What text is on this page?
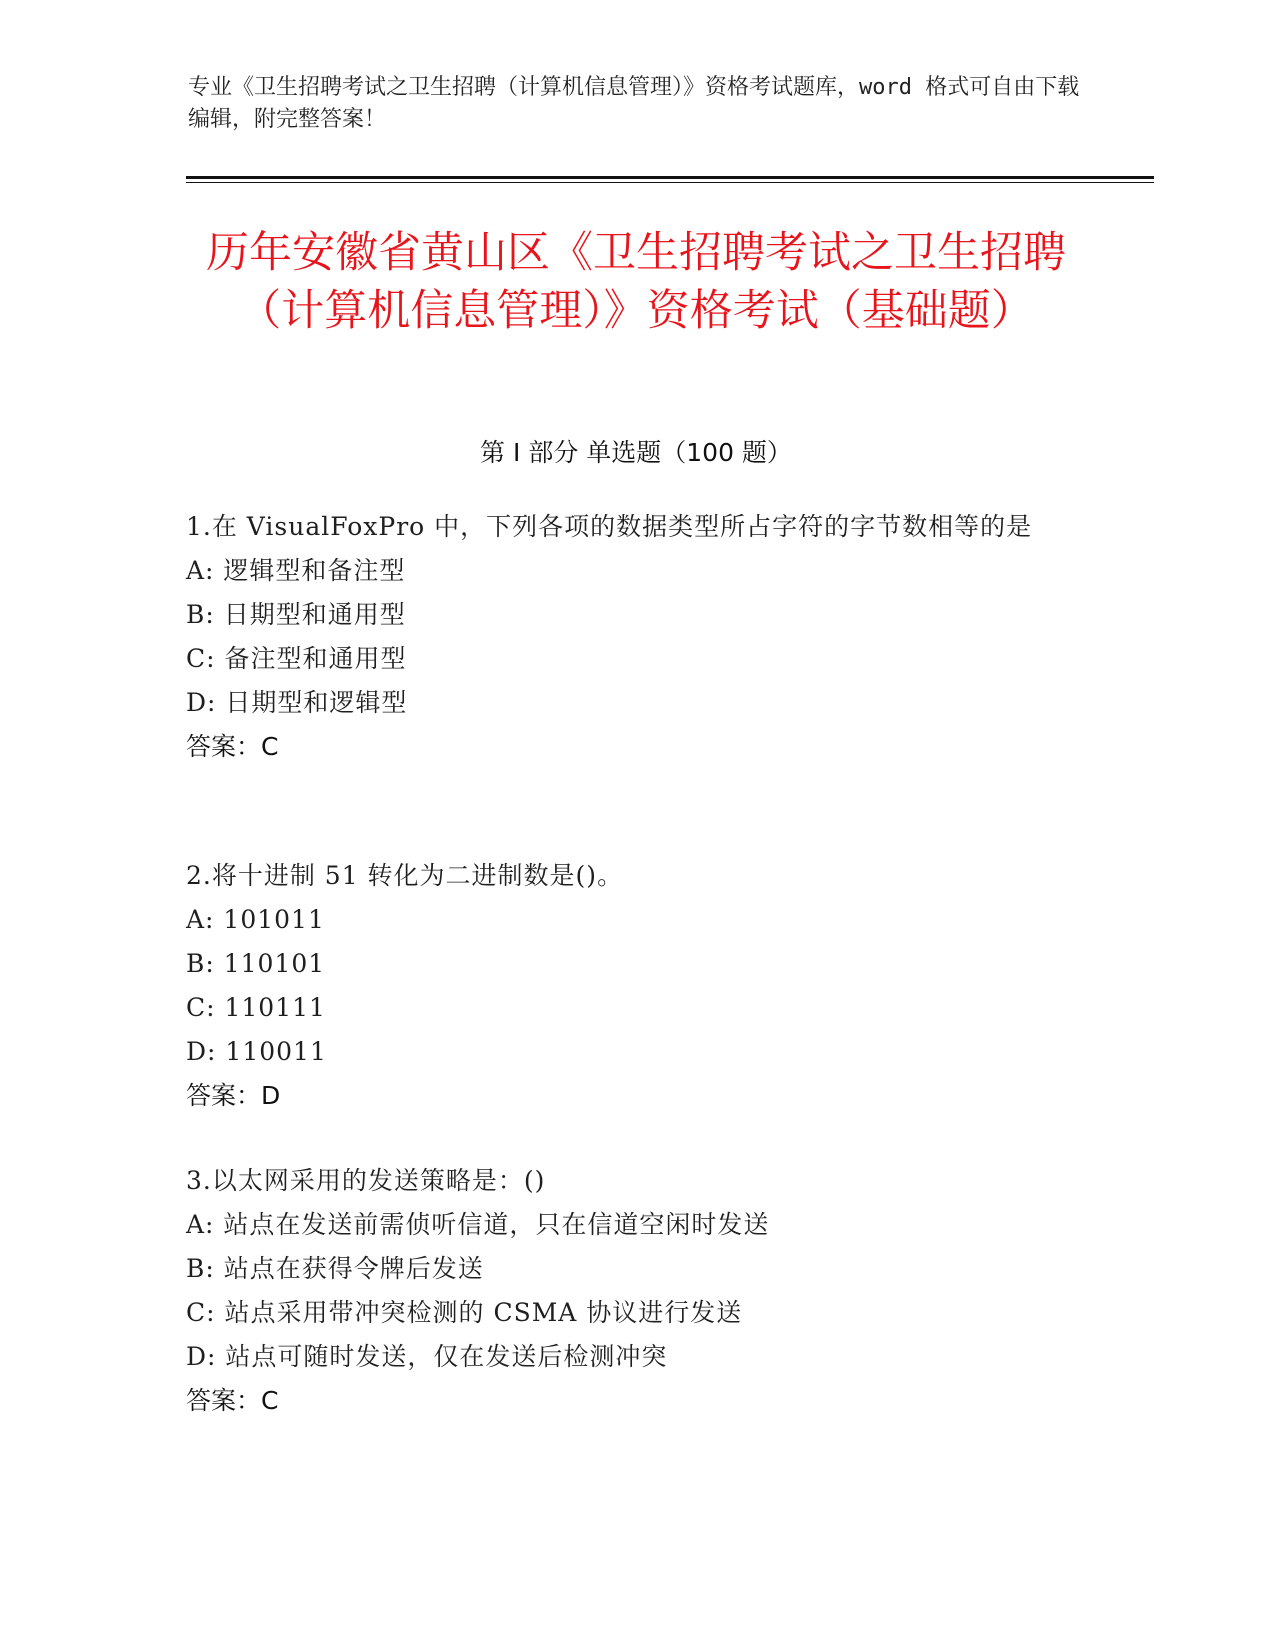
专业《卫生招聘考试之卫生招聘（计算机信息管理）》资格考试题库，word 格式可自由下载编辑，附完整答案！
历年安徽省黄山区《卫生招聘考试之卫生招聘（计算机信息管理）》资格考试（基础题）
第 I 部分 单选题（100 题）
1.在 VisualFoxPro 中，下列各项的数据类型所占字符的字节数相等的是
A: 逻辑型和备注型
B: 日期型和通用型
C: 备注型和通用型
D: 日期型和逻辑型
答案：C
2.将十进制 51 转化为二进制数是()。
A: 101011
B: 110101
C: 110111
D: 110011
答案：D
3.以太网采用的发送策略是：()
A: 站点在发送前需侦听信道，只在信道空闲时发送
B: 站点在获得令牌后发送
C: 站点采用带冲突检测的 CSMA 协议进行发送
D: 站点可随时发送，仅在发送后检测冲突
答案：C
